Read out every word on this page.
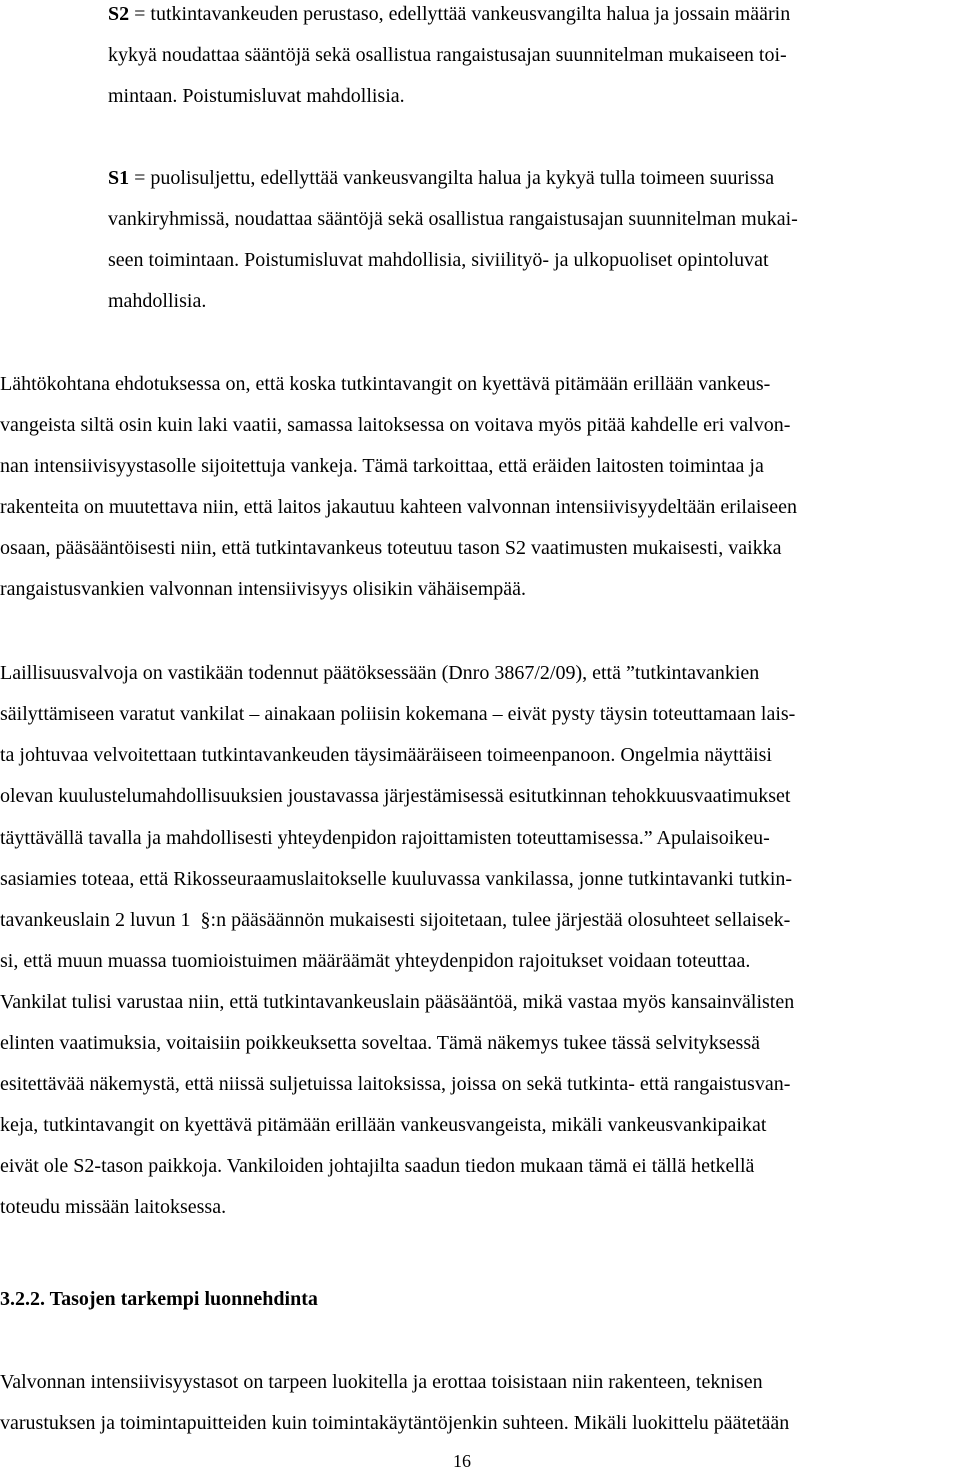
S2 = tutkintavankeuden perustaso, edellyttää vankeusvangilta halua ja jossain määrin
kykyä noudattaa sääntöjä sekä osallistua rangaistusajan suunnitelman mukaiseen toi-
mintaan. Poistumisluvat mahdollisia.
S1 = puolisuljettu, edellyttää vankeusvangilta halua ja kykyä tulla toimeen suurissa
vankiryhmissä, noudattaa sääntöjä sekä osallistua rangaistusajan suunnitelman mukai-
seen toimintaan. Poistumisluvat mahdollisia, siviilityö- ja ulkopuoliset opintoluvat
mahdollisia.
Lähtökohtana ehdotuksessa on, että koska tutkintavangit on kyettävä pitämään erillään vankeus-
vangeista siltä osin kuin laki vaatii, samassa laitoksessa on voitava myös pitää kahdelle eri valvon-
nan intensiivisyystasolle sijoitettuja vankeja. Tämä tarkoittaa, että eräiden laitosten toimintaa ja
rakenteita on muutettava niin, että laitos jakautuu kahteen valvonnan intensiivisyydeltään erilaiseen
osaan, pääsääntöisesti niin, että tutkintavankeus toteutuu tason S2 vaatimusten mukaisesti, vaikka
rangaistusvankien valvonnan intensiivisyys olisikin vähäisempää.
Laillisuusvalvoja on vastikään todennut päätöksessään (Dnro 3867/2/09), että ”tutkintavankien
säilyttämiseen varatut vankilat – ainakaan poliisin kokemana – eivät pysty täysin toteuttamaan lais-
ta johtuvaa velvoitettaan tutkintavankeuden täysimääräiseen toimeenpanoon. Ongelmia näyttäisi
olevan kuulustelumahdollisuuksien joustavassa järjestämisessä esitutkinnan tehokkuusvaatimukset
täyttävällä tavalla ja mahdollisesti yhteydenpidon rajoittamisten toteuttamisessa.” Apulaisoikeu-
sasiamies toteaa, että Rikosseuraamuslaitokselle kuuluvassa vankilassa, jonne tutkintavanki tutkin-
tavankeuslain 2 luvun 1  §:n pääsäännön mukaisesti sijoitetaan, tulee järjestää olosuhteet sellaisek-
si, että muun muassa tuomioistuimen määräämät yhteydenpidon rajoitukset voidaan toteuttaa.
Vankilat tulisi varustaa niin, että tutkintavankeuslain pääsääntöä, mikä vastaa myös kansainvälisten
elinten vaatimuksia, voitaisiin poikkeuksetta soveltaa. Tämä näkemys tukee tässä selvityksessä
esitettävää näkemystä, että niissä suljetuissa laitoksissa, joissa on sekä tutkinta- että rangaistusvan-
keja, tutkintavangit on kyettävä pitämään erillään vankeusvangeista, mikäli vankeusvankipaikat
eivät ole S2-tason paikkoja. Vankiloiden johtajilta saadun tiedon mukaan tämä ei tällä hetkellä
toteudu missään laitoksessa.
3.2.2. Tasojen tarkempi luonnehdinta
Valvonnan intensiivisyystasot on tarpeen luokitella ja erottaa toisistaan niin rakenteen, teknisen
varustuksen ja toimintapuitteiden kuin toimintakäytäntöjenkin suhteen. Mikäli luokittelu päätetään
16
